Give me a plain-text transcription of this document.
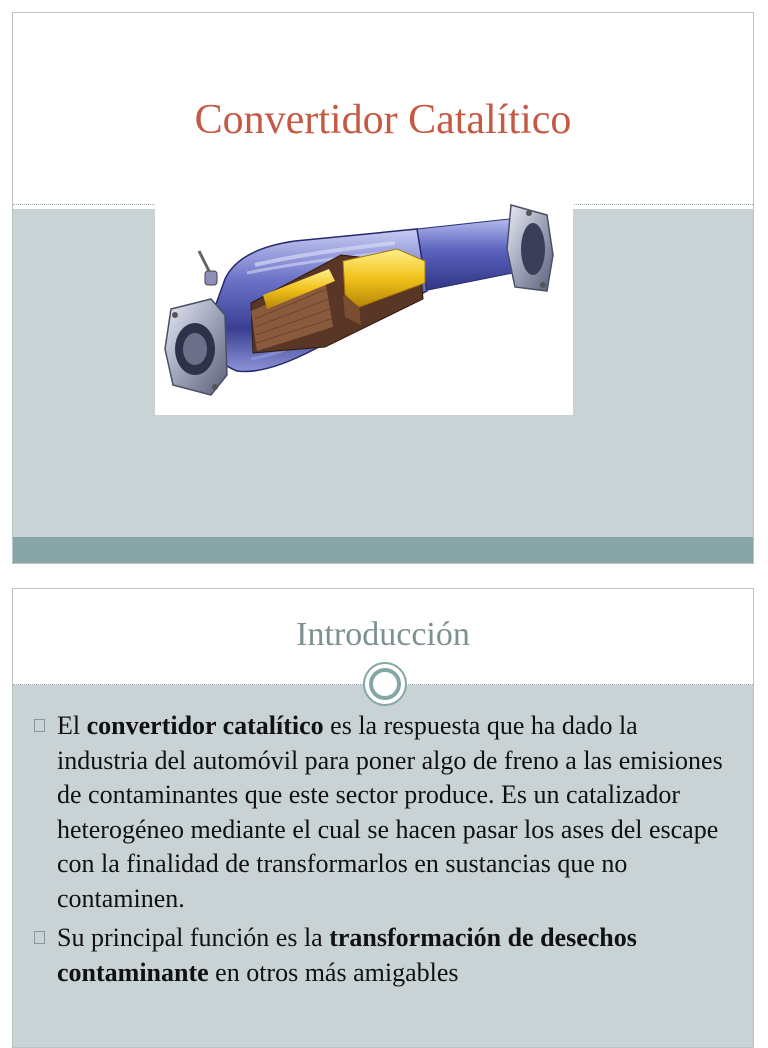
Convertidor Catalítico
Introducción
El convertidor catalítico es la respuesta que ha dado la industria del automóvil para poner algo de freno a las emisiones de contaminantes que este sector produce. Es un catalizador heterogéneo mediante el cual se hacen pasar los ases del escape con la finalidad de transformarlos en sustancias que no contaminen.
Su principal función es la transformación de desechos contaminante en otros más amigables
